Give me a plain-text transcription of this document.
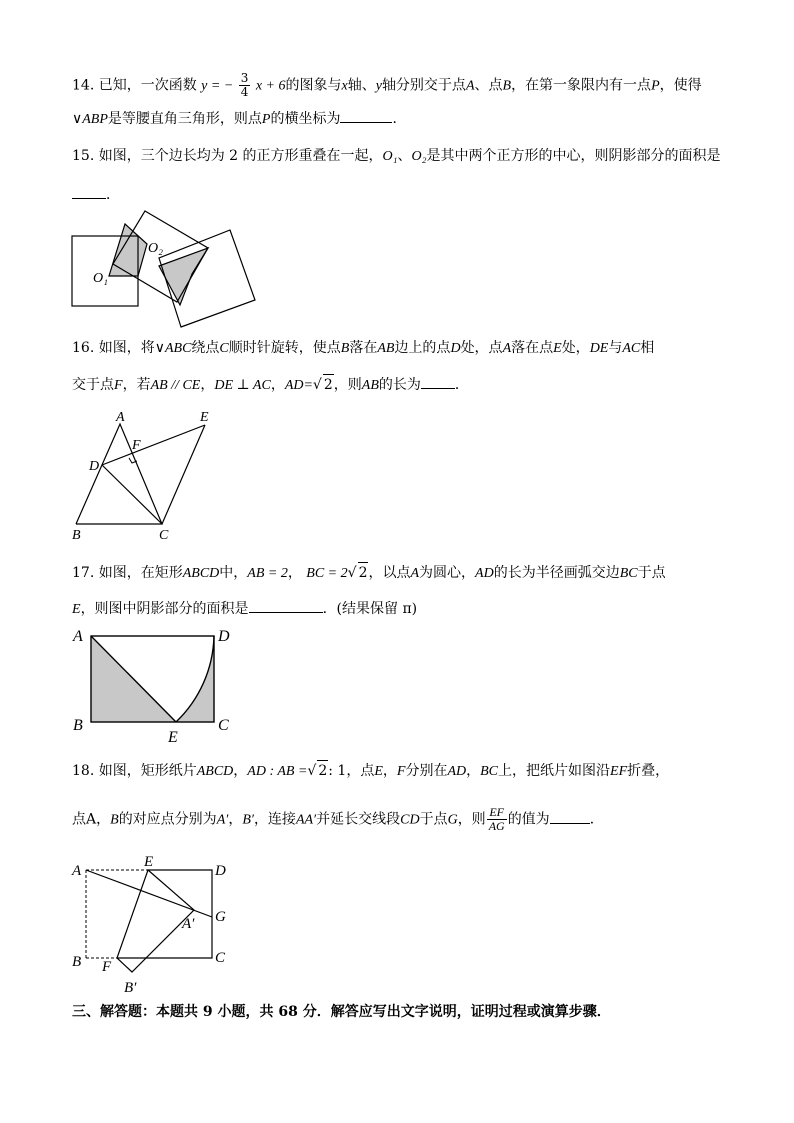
14. 已知，一次函数 y = − $\frac{3}{4}$ x + 6的图象与x轴、y轴分别交于点A、点B，在第一象限内有一点P，使得
∨ABP是等腰直角三角形，则点P的横坐标为	．
15. 如图，三个边长均为 2 的正方形重叠在一起，O₁、O₂是其中两个正方形的中心，则阴影部分的面积是
．
O₁
O₂
16. 如图，将∨ABC绕点C顺时针旋转，使点B落在AB边上的点D处，点A落在点E处，DE与AC相
交于点F，若AB // CE，DE ⊥ AC，AD=√ 2，则AB的长为 ．
A	E
F
D
B	C
17. 如图，在矩形ABCD中，AB = 2， BC = 2√ 2，以点A为圆心，AD的长为半径画弧交边BC于点
E，则图中阴影部分的面积是	．(结果保留 π)
A	D
B
E
C
18. 如图，矩形纸片ABCD，AD : AB =√ 2: 1，点E，F分别在AD，BC上，把纸片如图沿EF折叠，
点A，B的对应点分别为A′，B′，连接AA′并延长交线段CD于点G，则 $\frac{EF}{AG}$ 的值为	．
A
E
D
G
A′
B F
C
B′
三、解答题：本题共 9 小题，共 68 分．解答应写出文字说明，证明过程或演算步骤．
